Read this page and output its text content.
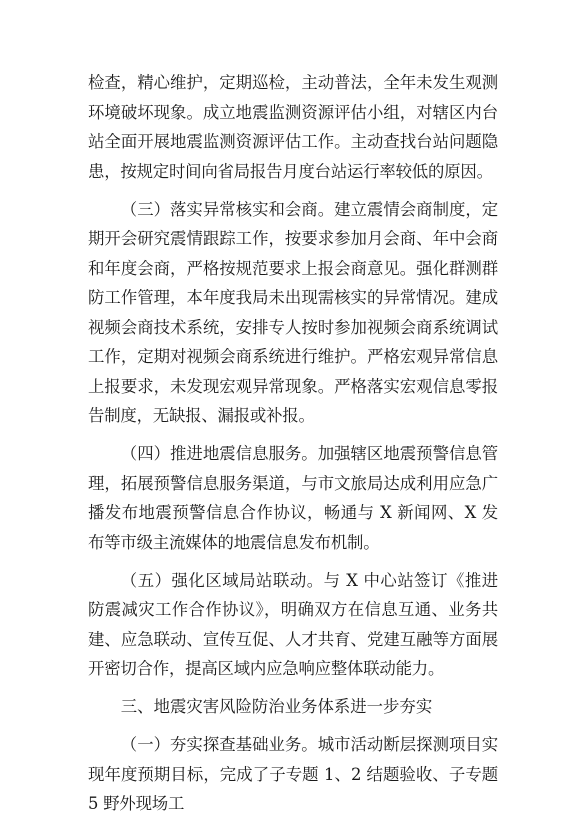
检查，精心维护，定期巡检，主动普法，全年未发生观测环境破坏现象。成立地震监测资源评估小组，对辖区内台站全面开展地震监测资源评估工作。主动查找台站问题隐患，按规定时间向省局报告月度台站运行率较低的原因。

（三）落实异常核实和会商。建立震情会商制度，定期开会研究震情跟踪工作，按要求参加月会商、年中会商和年度会商，严格按规范要求上报会商意见。强化群测群防工作管理，本年度我局未出现需核实的异常情况。建成视频会商技术系统，安排专人按时参加视频会商系统调试工作，定期对视频会商系统进行维护。严格宏观异常信息上报要求，未发现宏观异常现象。严格落实宏观信息零报告制度，无缺报、漏报或补报。

（四）推进地震信息服务。加强辖区地震预警信息管理，拓展预警信息服务渠道，与市文旅局达成利用应急广播发布地震预警信息合作协议，畅通与 X 新闻网、X 发布等市级主流媒体的地震信息发布机制。

（五）强化区域局站联动。与 X 中心站签订《推进防震减灾工作合作协议》，明确双方在信息互通、业务共建、应急联动、宣传互促、人才共育、党建互融等方面展开密切合作，提高区域内应急响应整体联动能力。

三、地震灾害风险防治业务体系进一步夯实

（一）夯实探查基础业务。城市活动断层探测项目实现年度预期目标，完成了子专题 1、2 结题验收、子专题 5 野外现场工
